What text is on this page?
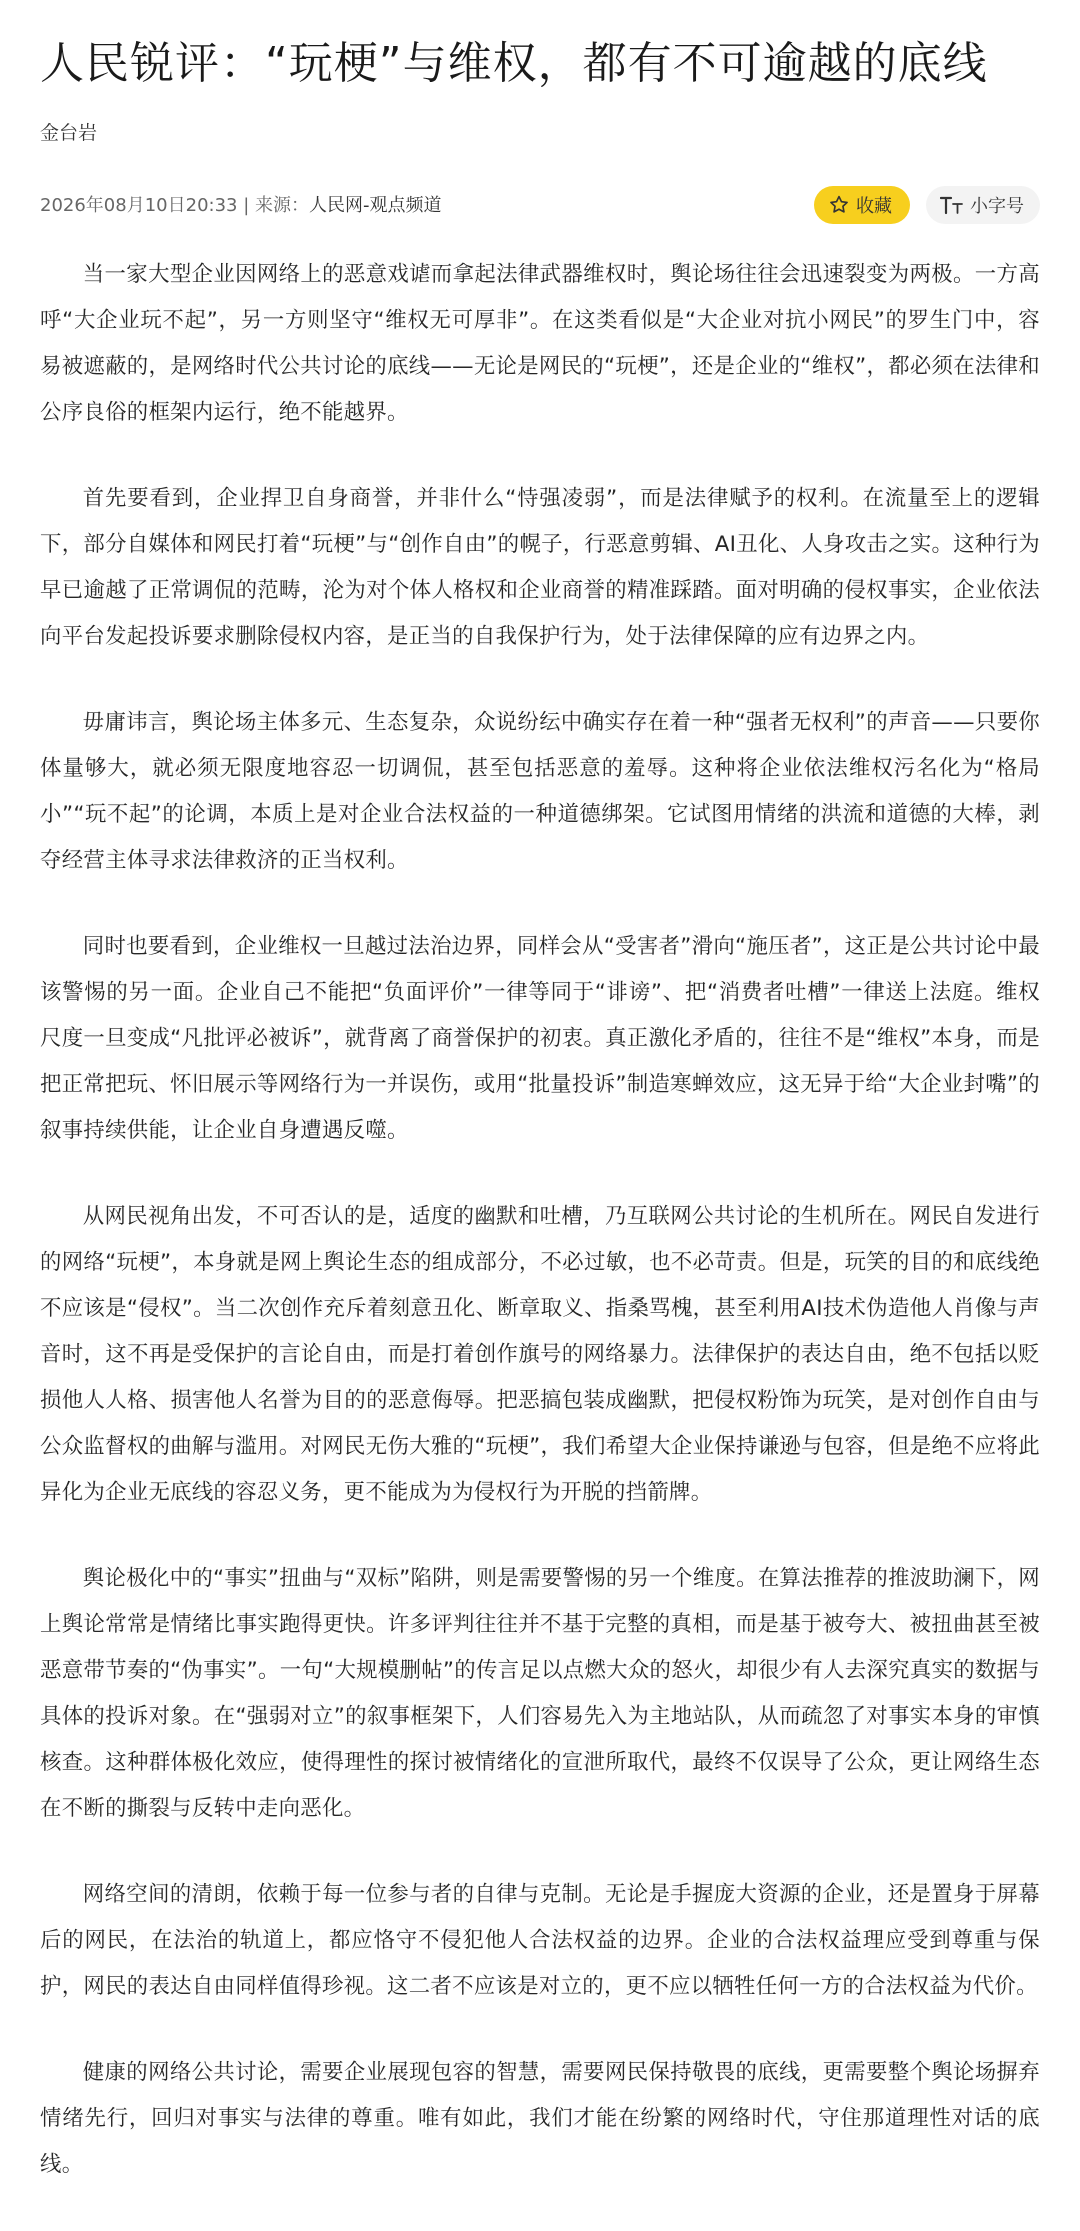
人民锐评：“玩梗”与维权，都有不可逾越的底线
金台岩
2026年08月10日20:33 | 来源：人民网-观点频道	收藏	小字号

当一家大型企业因网络上的恶意戏谑而拿起法律武器维权时，舆论场往往会迅速裂变为两极。一方高呼“大企业玩不起”，另一方则坚守“维权无可厚非”。在这类看似是“大企业对抗小网民”的罗生门中，容易被遮蔽的，是网络时代公共讨论的底线——无论是网民的“玩梗”，还是企业的“维权”，都必须在法律和公序良俗的框架内运行，绝不能越界。

首先要看到，企业捍卫自身商誉，并非什么“恃强凌弱”，而是法律赋予的权利。在流量至上的逻辑下，部分自媒体和网民打着“玩梗”与“创作自由”的幌子，行恶意剪辑、AI丑化、人身攻击之实。这种行为早已逾越了正常调侃的范畴，沦为对个体人格权和企业商誉的精准踩踏。面对明确的侵权事实，企业依法向平台发起投诉要求删除侵权内容，是正当的自我保护行为，处于法律保障的应有边界之内。

毋庸讳言，舆论场主体多元、生态复杂，众说纷纭中确实存在着一种“强者无权利”的声音——只要你体量够大，就必须无限度地容忍一切调侃，甚至包括恶意的羞辱。这种将企业依法维权污名化为“格局小”“玩不起”的论调，本质上是对企业合法权益的一种道德绑架。它试图用情绪的洪流和道德的大棒，剥夺经营主体寻求法律救济的正当权利。

同时也要看到，企业维权一旦越过法治边界，同样会从“受害者”滑向“施压者”，这正是公共讨论中最该警惕的另一面。企业自己不能把“负面评价”一律等同于“诽谤”、把“消费者吐槽”一律送上法庭。维权尺度一旦变成“凡批评必被诉”，就背离了商誉保护的初衷。真正激化矛盾的，往往不是“维权”本身，而是把正常把玩、怀旧展示等网络行为一并误伤，或用“批量投诉”制造寒蝉效应，这无异于给“大企业封嘴”的叙事持续供能，让企业自身遭遇反噬。

从网民视角出发，不可否认的是，适度的幽默和吐槽，乃互联网公共讨论的生机所在。网民自发进行的网络“玩梗”，本身就是网上舆论生态的组成部分，不必过敏，也不必苛责。但是，玩笑的目的和底线绝不应该是“侵权”。当二次创作充斥着刻意丑化、断章取义、指桑骂槐，甚至利用AI技术伪造他人肖像与声音时，这不再是受保护的言论自由，而是打着创作旗号的网络暴力。法律保护的表达自由，绝不包括以贬损他人人格、损害他人名誉为目的的恶意侮辱。把恶搞包装成幽默，把侵权粉饰为玩笑，是对创作自由与公众监督权的曲解与滥用。对网民无伤大雅的“玩梗”，我们希望大企业保持谦逊与包容，但是绝不应将此异化为企业无底线的容忍义务，更不能成为为侵权行为开脱的挡箭牌。

舆论极化中的“事实”扭曲与“双标”陷阱，则是需要警惕的另一个维度。在算法推荐的推波助澜下，网上舆论常常是情绪比事实跑得更快。许多评判往往并不基于完整的真相，而是基于被夸大、被扭曲甚至被恶意带节奏的“伪事实”。一句“大规模删帖”的传言足以点燃大众的怒火，却很少有人去深究真实的数据与具体的投诉对象。在“强弱对立”的叙事框架下，人们容易先入为主地站队，从而疏忽了对事实本身的审慎核查。这种群体极化效应，使得理性的探讨被情绪化的宣泄所取代，最终不仅误导了公众，更让网络生态在不断的撕裂与反转中走向恶化。

网络空间的清朗，依赖于每一位参与者的自律与克制。无论是手握庞大资源的企业，还是置身于屏幕后的网民，在法治的轨道上，都应恪守不侵犯他人合法权益的边界。企业的合法权益理应受到尊重与保护，网民的表达自由同样值得珍视。这二者不应该是对立的，更不应以牺牲任何一方的合法权益为代价。

健康的网络公共讨论，需要企业展现包容的智慧，需要网民保持敬畏的底线，更需要整个舆论场摒弃情绪先行，回归对事实与法律的尊重。唯有如此，我们才能在纷繁的网络时代，守住那道理性对话的底线。
